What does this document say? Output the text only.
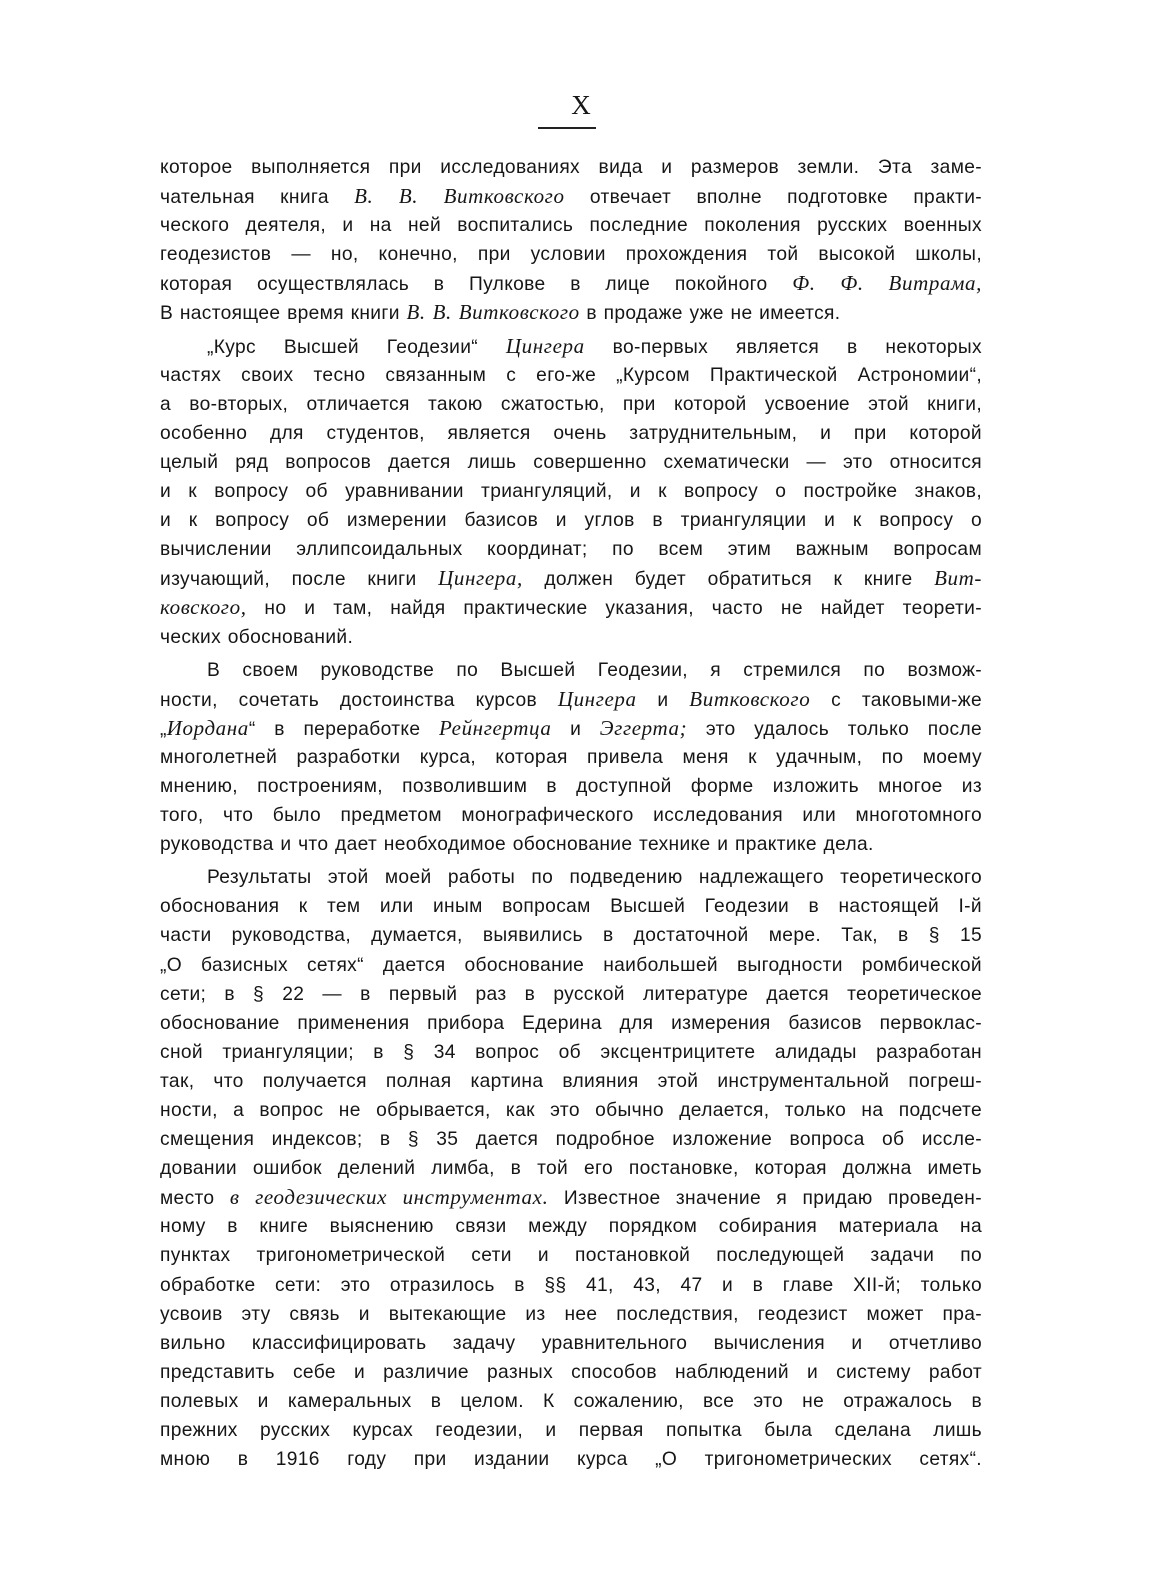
X
которое выполняется при исследованиях вида и размеров земли. Эта заме-
чательная книга В. В. Витковского отвечает вполне подготовке практи-
ческого деятеля, и на ней воспитались последние поколения русских военных
геодезистов — но, конечно, при условии прохождения той высокой школы,
которая осуществлялась в Пулкове в лице покойного Ф. Ф. Витрама,
В настоящее время книги В. В. Витковского в продаже уже не имеется.
„Курс Высшей Геодезии“ Цингера во-первых является в некоторых
частях своих тесно связанным с его-же „Курсом Практической Астрономии“,
а во-вторых, отличается такою сжатостью, при которой усвоение этой книги,
особенно для студентов, является очень затруднительным, и при которой
целый ряд вопросов дается лишь совершенно схематически — это относится
и к вопросу об уравнивании триангуляций, и к вопросу о постройке знаков,
и к вопросу об измерении базисов и углов в триангуляции и к вопросу о
вычислении эллипсоидальных координат; по всем этим важным вопросам
изучающий, после книги Цингера, должен будет обратиться к книге Вит-
ковского, но и там, найдя практические указания, часто не найдет теорети-
ческих обоснований.
В своем руководстве по Высшей Геодезии, я стремился по возмож-
ности, сочетать достоинства курсов Цингера и Витковского с таковыми-же
„Иордана“ в переработке Рейнгертца и Эггерта; это удалось только после
многолетней разработки курса, которая привела меня к удачным, по моему
мнению, построениям, позволившим в доступной форме изложить многое из
того, что было предметом монографического исследования или многотомного
руководства и что дает необходимое обоснование технике и практике дела.
Результаты этой моей работы по подведению надлежащего теоретического
обоснования к тем или иным вопросам Высшей Геодезии в настоящей I-й
части руководства, думается, выявились в достаточной мере. Так, в § 15
„О базисных сетях“ дается обоснование наибольшей выгодности ромбической
сети; в § 22 — в первый раз в русской литературе дается теоретическое
обоснование применения прибора Едерина для измерения базисов первоклас-
сной триангуляции; в § 34 вопрос об эксцентрицитете алидады разработан
так, что получается полная картина влияния этой инструментальной погреш-
ности, а вопрос не обрывается, как это обычно делается, только на подсчете
смещения индексов; в § 35 дается подробное изложение вопроса об иссле-
довании ошибок делений лимба, в той его постановке, которая должна иметь
место в геодезических инструментах. Известное значение я придаю проведен-
ному в книге выяснению связи между порядком собирания материала на
пунктах тригонометрической сети и постановкой последующей задачи по
обработке сети: это отразилось в §§ 41, 43, 47 и в главе XII-й; только
усвоив эту связь и вытекающие из нее последствия, геодезист может пра-
вильно классифицировать задачу уравнительного вычисления и отчетливо
представить себе и различие разных способов наблюдений и систему работ
полевых и камеральных в целом. К сожалению, все это не отражалось в
прежних русских курсах геодезии, и первая попытка была сделана лишь
мною в 1916 году при издании курса „О тригонометрических сетях“.
